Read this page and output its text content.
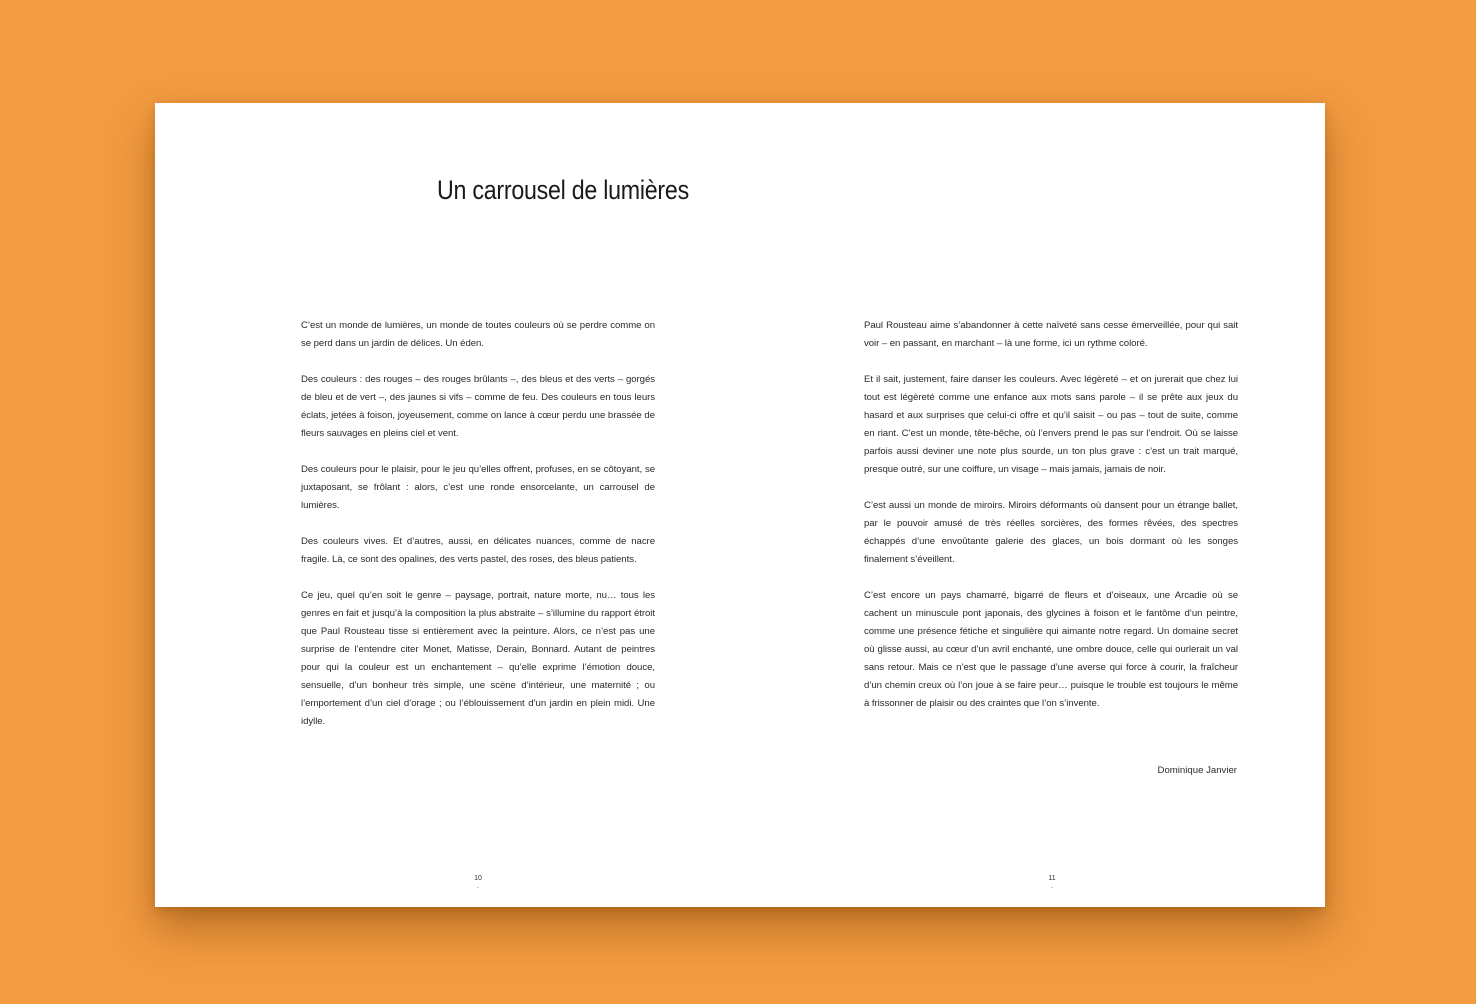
Un carrousel de lumières

C’est un monde de lumières, un monde de toutes couleurs où se perdre comme on se perd dans un jardin de délices. Un éden.

Des couleurs : des rouges – des rouges brûlants –, des bleus et des verts – gorgés de bleu et de vert –, des jaunes si vifs – comme de feu. Des couleurs en tous leurs éclats, jetées à foison, joyeusement, comme on lance à cœur perdu une brassée de fleurs sauvages en pleins ciel et vent.

Des couleurs pour le plaisir, pour le jeu qu’elles offrent, profuses, en se côtoyant, se juxtaposant, se frôlant : alors, c’est une ronde ensorcelante, un carrousel de lumières.

Des couleurs vives. Et d’autres, aussi, en délicates nuances, comme de nacre fragile. Là, ce sont des opalines, des verts pastel, des roses, des bleus patients.

Ce jeu, quel qu’en soit le genre – paysage, portrait, nature morte, nu… tous les genres en fait et jusqu’à la composition la plus abstraite – s’illumine du rapport étroit que Paul Rousteau tisse si entièrement avec la peinture. Alors, ce n’est pas une surprise de l’entendre citer Monet, Matisse, Derain, Bonnard. Autant de peintres pour qui la couleur est un enchantement – qu’elle exprime l’émotion douce, sensuelle, d’un bonheur très simple, une scène d’intérieur, une maternité ; ou l’emportement d’un ciel d’orage ; ou l’éblouissement d’un jardin en plein midi. Une idylle.

Paul Rousteau aime s’abandonner à cette naïveté sans cesse émerveillée, pour qui sait voir – en passant, en marchant – là une forme, ici un rythme coloré.

Et il sait, justement, faire danser les couleurs. Avec légèreté – et on jurerait que chez lui tout est légèreté comme une enfance aux mots sans parole – il se prête aux jeux du hasard et aux surprises que celui-ci offre et qu’il saisit – ou pas – tout de suite, comme en riant. C’est un monde, tête-bêche, où l’envers prend le pas sur l’endroit. Où se laisse parfois aussi deviner une note plus sourde, un ton plus grave : c’est un trait marqué, presque outré, sur une coiffure, un visage – mais jamais, jamais de noir.

C’est aussi un monde de miroirs. Miroirs déformants où dansent pour un étrange ballet, par le pouvoir amusé de très réelles sorcières, des formes rêvées, des spectres échappés d’une envoûtante galerie des glaces, un bois dormant où les songes finalement s’éveillent.

C’est encore un pays chamarré, bigarré de fleurs et d’oiseaux, une Arcadie où se cachent un minuscule pont japonais, des glycines à foison et le fantôme d’un peintre, comme une présence fétiche et singulière qui aimante notre regard. Un domaine secret où glisse aussi, au cœur d’un avril enchanté, une ombre douce, celle qui ourlerait un val sans retour. Mais ce n’est que le passage d’une averse qui force à courir, la fraîcheur d’un chemin creux où l’on joue à se faire peur… puisque le trouble est toujours le même à frissonner de plaisir ou des craintes que l’on s’invente.

Dominique Janvier
10
.
11
.
